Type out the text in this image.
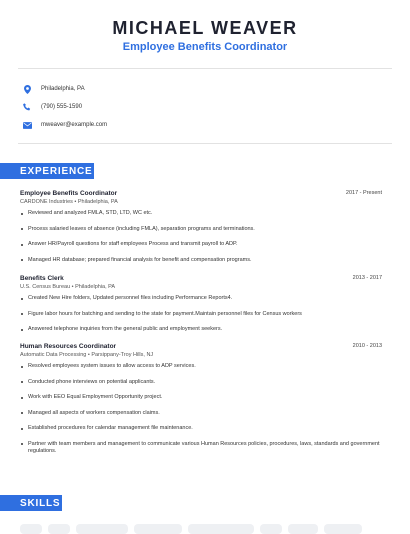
MICHAEL WEAVER
Employee Benefits Coordinator
Philadelphia, PA
(790) 555-1590
mweaver@example.com
EXPERIENCE
Employee Benefits Coordinator	2017 - Present
CARDONE Industries • Philadelphia, PA
Reviewed and analyzed FMLA, STD, LTD, WC etc.
Process salaried leaves of absence (including FMLA), separation programs and terminations.
Answer HR/Payroll questions for staff employees Process and transmit payroll to ADP.
Managed HR database; prepared financial analysis for benefit and compensation programs.
Benefits Clerk	2013 - 2017
U.S. Census Bureau • Philadelphia, PA
Created New Hire folders, Updated personnel files including Performance Reports4.
Figure labor hours for batching and sending to the state for payment.Maintain personnel files for Census workers
Answered telephone inquiries from the general public and employment seekers.
Human Resources Coordinator	2010 - 2013
Automatic Data Processing • Parsippany-Troy Hills, NJ
Resolved employees system issues to allow access to ADP services.
Conducted phone interviews on potential applicants.
Work with EEO Equal Employment Opportunity project.
Managed all aspects of workers compensation claims.
Established procedures for calendar management file maintenance.
Partner with team members and management to communicate various Human Resources policies, procedures, laws, standards and government regulations.
SKILLS
